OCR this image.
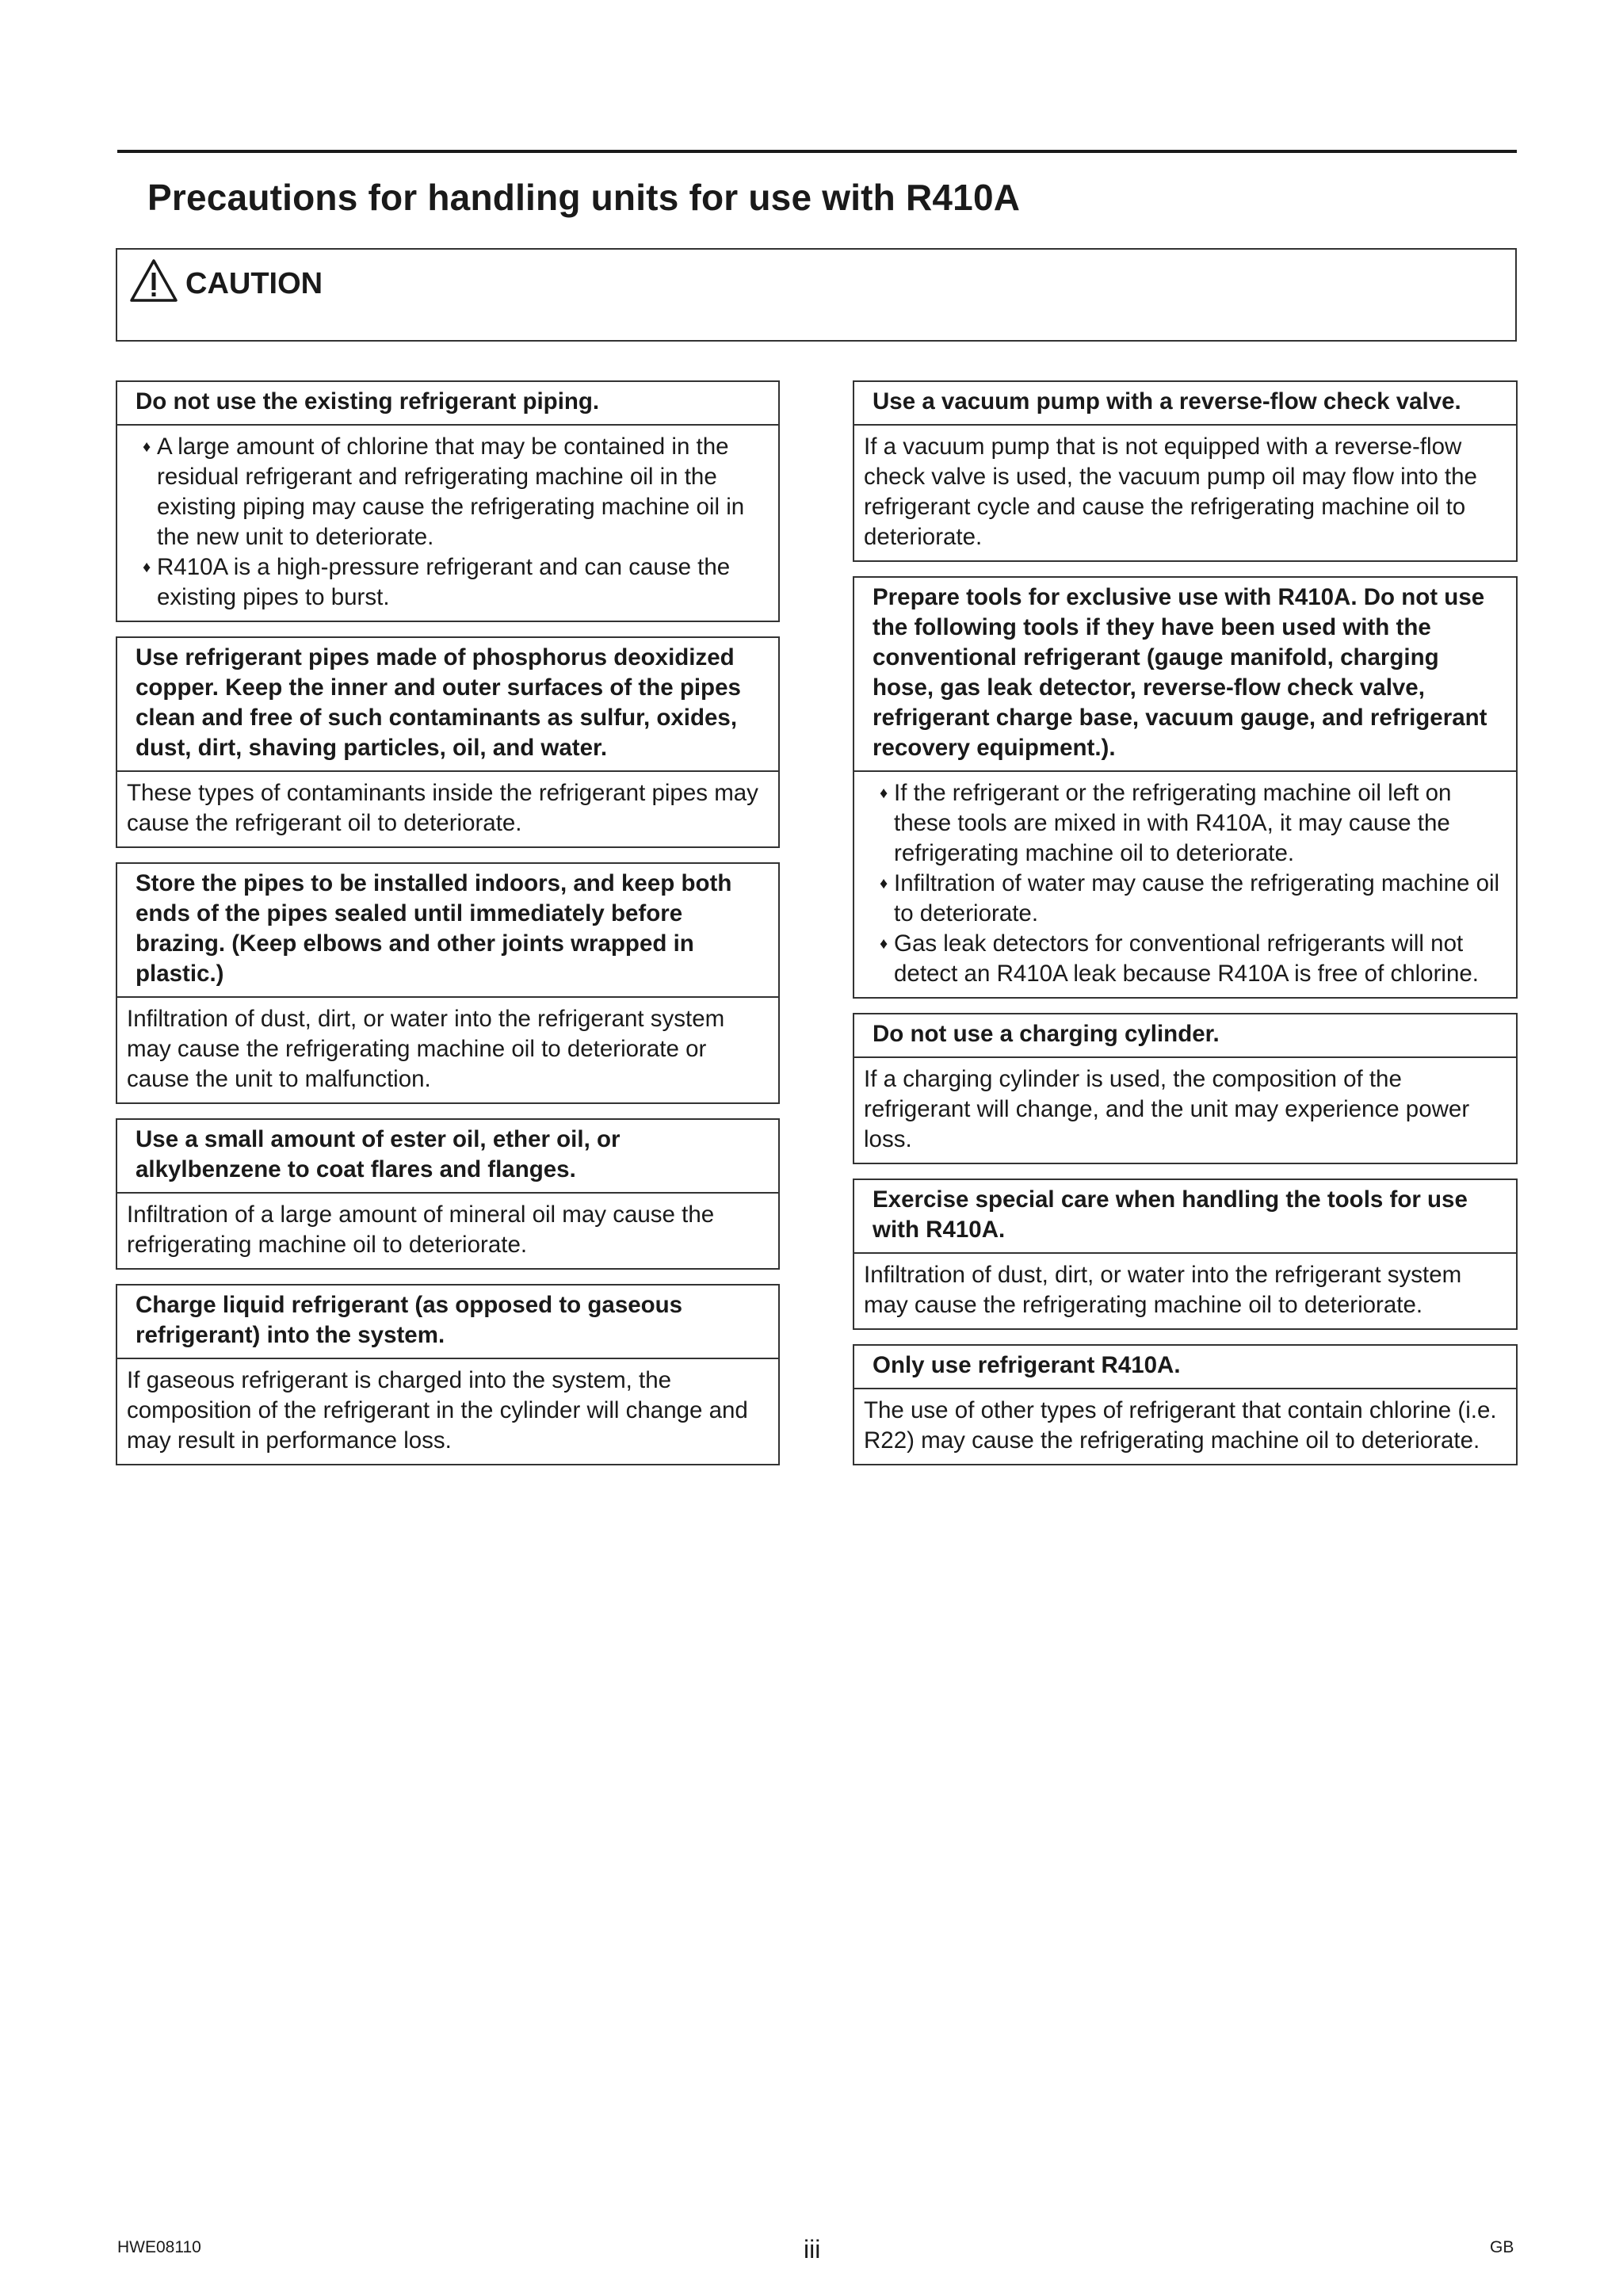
Precautions for handling units for use with R410A
CAUTION
Do not use the existing refrigerant piping.
♦ A large amount of chlorine that may be contained in the residual refrigerant and refrigerating machine oil in the existing piping may cause the refrigerating machine oil in the new unit to deteriorate.
♦ R410A is a high-pressure refrigerant and can cause the existing pipes to burst.
Use refrigerant pipes made of phosphorus deoxidized copper. Keep the inner and outer surfaces of the pipes clean and free of such contaminants as sulfur, oxides, dust, dirt, shaving particles, oil, and water.

These types of contaminants inside the refrigerant pipes may cause the refrigerant oil to deteriorate.

Store the pipes to be installed indoors, and keep both ends of the pipes sealed until immediately before brazing. (Keep elbows and other joints wrapped in plastic.)

Infiltration of dust, dirt, or water into the refrigerant system may cause the refrigerating machine oil to deteriorate or cause the unit to malfunction.

Use a small amount of ester oil, ether oil, or alkylbenzene to coat flares and flanges.

Infiltration of a large amount of mineral oil may cause the refrigerating machine oil to deteriorate.

Charge liquid refrigerant (as opposed to gaseous refrigerant) into the system.

If gaseous refrigerant is charged into the system, the composition of the refrigerant in the cylinder will change and may result in performance loss.

Use a vacuum pump with a reverse-flow check valve.

If a vacuum pump that is not equipped with a reverse-flow check valve is used, the vacuum pump oil may flow into the refrigerant cycle and cause the refrigerating machine oil to deteriorate.

Prepare tools for exclusive use with R410A. Do not use the following tools if they have been used with the conventional refrigerant (gauge manifold, charging hose, gas leak detector, reverse-flow check valve, refrigerant charge base, vacuum gauge, and refrigerant recovery equipment.).
♦ If the refrigerant or the refrigerating machine oil left on these tools are mixed in with R410A, it may cause the refrigerating machine oil to deteriorate.
♦ Infiltration of water may cause the refrigerating machine oil to deteriorate.
♦ Gas leak detectors for conventional refrigerants will not detect an R410A leak because R410A is free of chlorine.
Do not use a charging cylinder.

If a charging cylinder is used, the composition of the refrigerant will change, and the unit may experience power loss.

Exercise special care when handling the tools for use with R410A.

Infiltration of dust, dirt, or water into the refrigerant system may cause the refrigerating machine oil to deteriorate.

Only use refrigerant R410A.

The use of other types of refrigerant that contain chlorine (i.e. R22) may cause the refrigerating machine oil to deteriorate.

HWE08110	iii	GB
